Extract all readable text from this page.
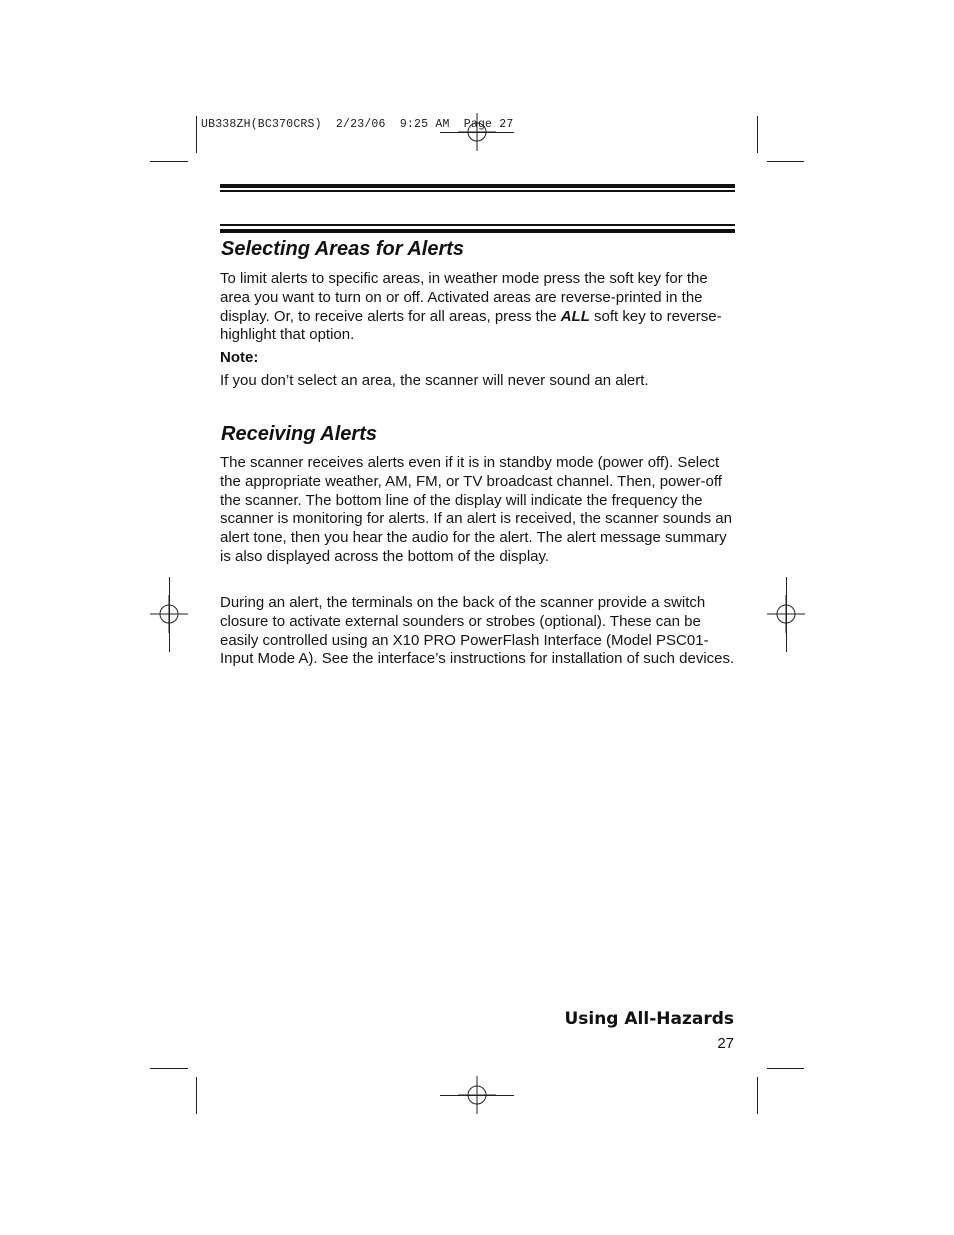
UB338ZH(BC370CRS)  2/23/06  9:25 AM  Page 27
Selecting Areas for Alerts

To limit alerts to specific areas, in weather mode press the soft key for the area you want to turn on or off. Activated areas are reverse-printed in the display. Or, to receive alerts for all areas, press the ALL soft key to reverse-highlight that option.

Note:
If you don’t select an area, the scanner will never sound an alert.
Receiving Alerts
The scanner receives alerts even if it is in standby mode (power off). Select the appropriate weather, AM, FM, or TV broadcast channel. Then, power-off the scanner. The bottom line of the display will indicate the frequency the scanner is monitoring for alerts. If an alert is received, the scanner sounds an alert tone, then you hear the audio for the alert. The alert message summary is also displayed across the bottom of the display.
During an alert, the terminals on the back of the scanner provide a switch closure to activate external sounders or strobes (optional). These can be easily controlled using an X10 PRO PowerFlash Interface (Model PSC01-Input Mode A). See the interface’s instructions for installation of such devices.
Using All-Hazards
27
